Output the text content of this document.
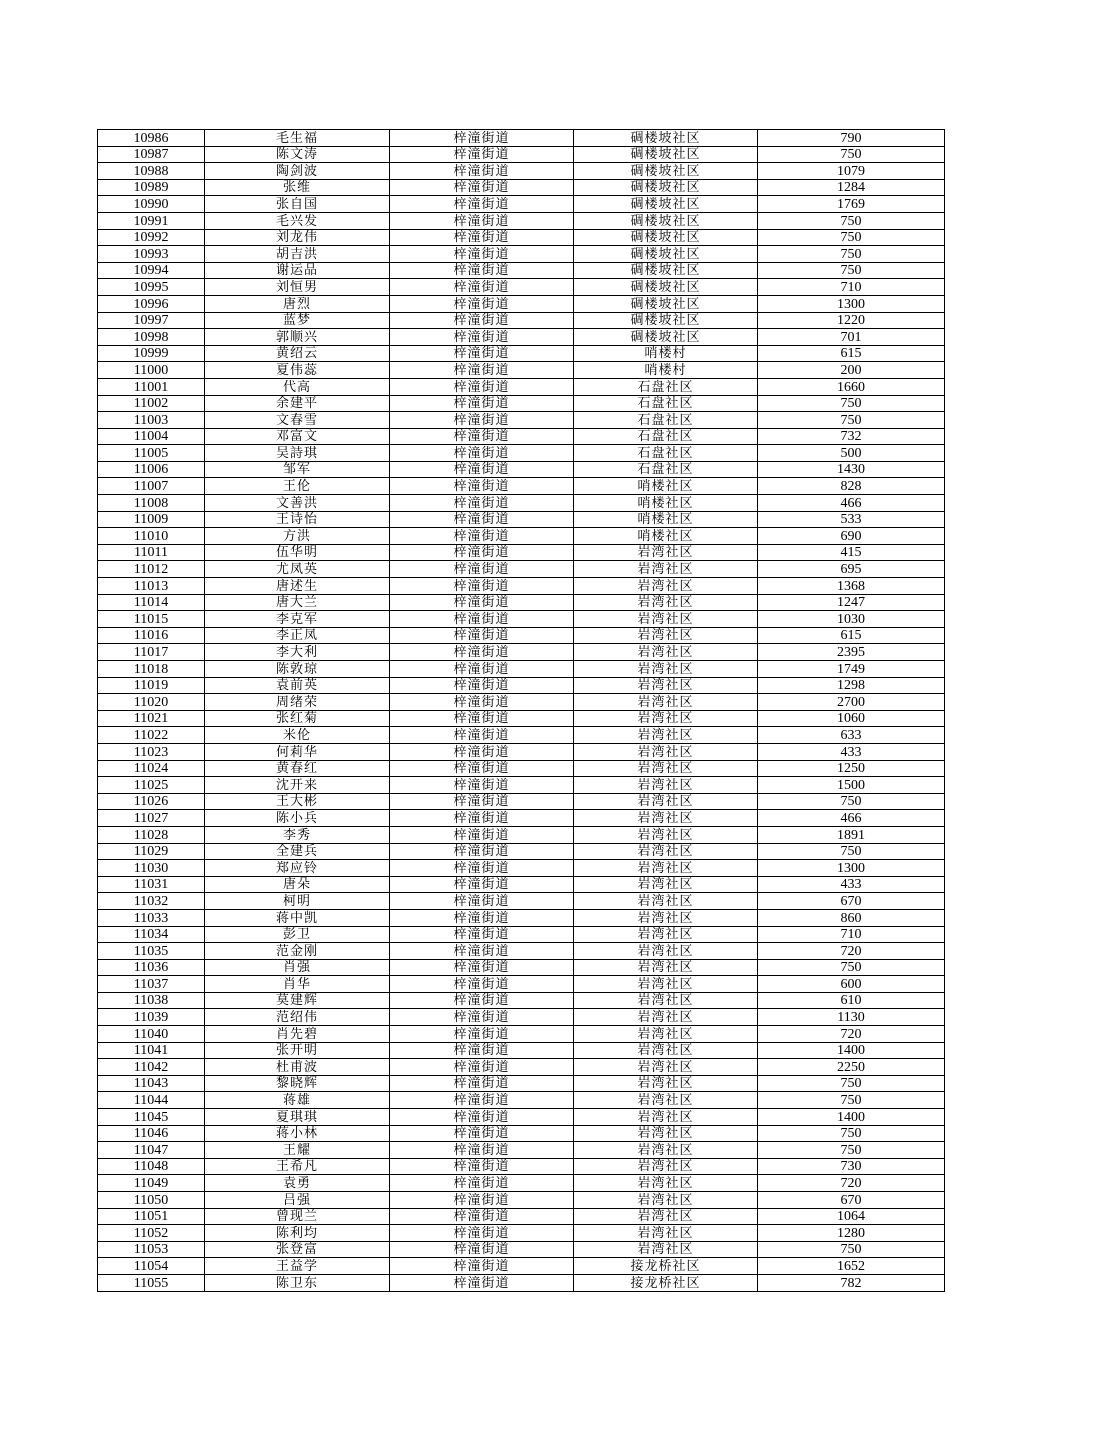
10986	毛生福	梓潼街道	碉楼坡社区	790
10987	陈文涛	梓潼街道	碉楼坡社区	750
10988	陶剑波	梓潼街道	碉楼坡社区	1079
10989	张维	梓潼街道	碉楼坡社区	1284
10990	张自国	梓潼街道	碉楼坡社区	1769
10991	毛兴发	梓潼街道	碉楼坡社区	750
10992	刘龙伟	梓潼街道	碉楼坡社区	750
10993	胡吉洪	梓潼街道	碉楼坡社区	750
10994	谢运品	梓潼街道	碉楼坡社区	750
10995	刘恒男	梓潼街道	碉楼坡社区	710
10996	唐烈	梓潼街道	碉楼坡社区	1300
10997	蓝梦	梓潼街道	碉楼坡社区	1220
10998	郭顺兴	梓潼街道	碉楼坡社区	701
10999	黄绍云	梓潼街道	哨楼村	615
11000	夏伟蕊	梓潼街道	哨楼村	200
11001	代高	梓潼街道	石盘社区	1660
11002	余建平	梓潼街道	石盘社区	750
11003	文春雪	梓潼街道	石盘社区	750
11004	邓富文	梓潼街道	石盘社区	732
11005	吴詩琪	梓潼街道	石盘社区	500
11006	邹军	梓潼街道	石盘社区	1430
11007	王伦	梓潼街道	哨楼社区	828
11008	文善洪	梓潼街道	哨楼社区	466
11009	王诗怡	梓潼街道	哨楼社区	533
11010	方洪	梓潼街道	哨楼社区	690
11011	伍华明	梓潼街道	岩湾社区	415
11012	尤凤英	梓潼街道	岩湾社区	695
11013	唐述生	梓潼街道	岩湾社区	1368
11014	唐大兰	梓潼街道	岩湾社区	1247
11015	李克军	梓潼街道	岩湾社区	1030
11016	李正凤	梓潼街道	岩湾社区	615
11017	李大利	梓潼街道	岩湾社区	2395
11018	陈敦琼	梓潼街道	岩湾社区	1749
11019	袁前英	梓潼街道	岩湾社区	1298
11020	周绪荣	梓潼街道	岩湾社区	2700
11021	张红菊	梓潼街道	岩湾社区	1060
11022	米伦	梓潼街道	岩湾社区	633
11023	何莉华	梓潼街道	岩湾社区	433
11024	黄春红	梓潼街道	岩湾社区	1250
11025	沈开来	梓潼街道	岩湾社区	1500
11026	王大彬	梓潼街道	岩湾社区	750
11027	陈小兵	梓潼街道	岩湾社区	466
11028	李秀	梓潼街道	岩湾社区	1891
11029	全建兵	梓潼街道	岩湾社区	750
11030	郑应铃	梓潼街道	岩湾社区	1300
11031	唐朵	梓潼街道	岩湾社区	433
11032	柯明	梓潼街道	岩湾社区	670
11033	蒋中凯	梓潼街道	岩湾社区	860
11034	彭卫	梓潼街道	岩湾社区	710
11035	范金刚	梓潼街道	岩湾社区	720
11036	肖强	梓潼街道	岩湾社区	750
11037	肖华	梓潼街道	岩湾社区	600
11038	莫建辉	梓潼街道	岩湾社区	610
11039	范绍伟	梓潼街道	岩湾社区	1130
11040	肖先碧	梓潼街道	岩湾社区	720
11041	张开明	梓潼街道	岩湾社区	1400
11042	杜甫波	梓潼街道	岩湾社区	2250
11043	黎晓辉	梓潼街道	岩湾社区	750
11044	蒋雄	梓潼街道	岩湾社区	750
11045	夏琪琪	梓潼街道	岩湾社区	1400
11046	蒋小林	梓潼街道	岩湾社区	750
11047	王耀	梓潼街道	岩湾社区	750
11048	王希凡	梓潼街道	岩湾社区	730
11049	袁勇	梓潼街道	岩湾社区	720
11050	吕强	梓潼街道	岩湾社区	670
11051	曾现兰	梓潼街道	岩湾社区	1064
11052	陈利均	梓潼街道	岩湾社区	1280
11053	张登富	梓潼街道	岩湾社区	750
11054	王益学	梓潼街道	接龙桥社区	1652
11055	陈卫东	梓潼街道	接龙桥社区	782
